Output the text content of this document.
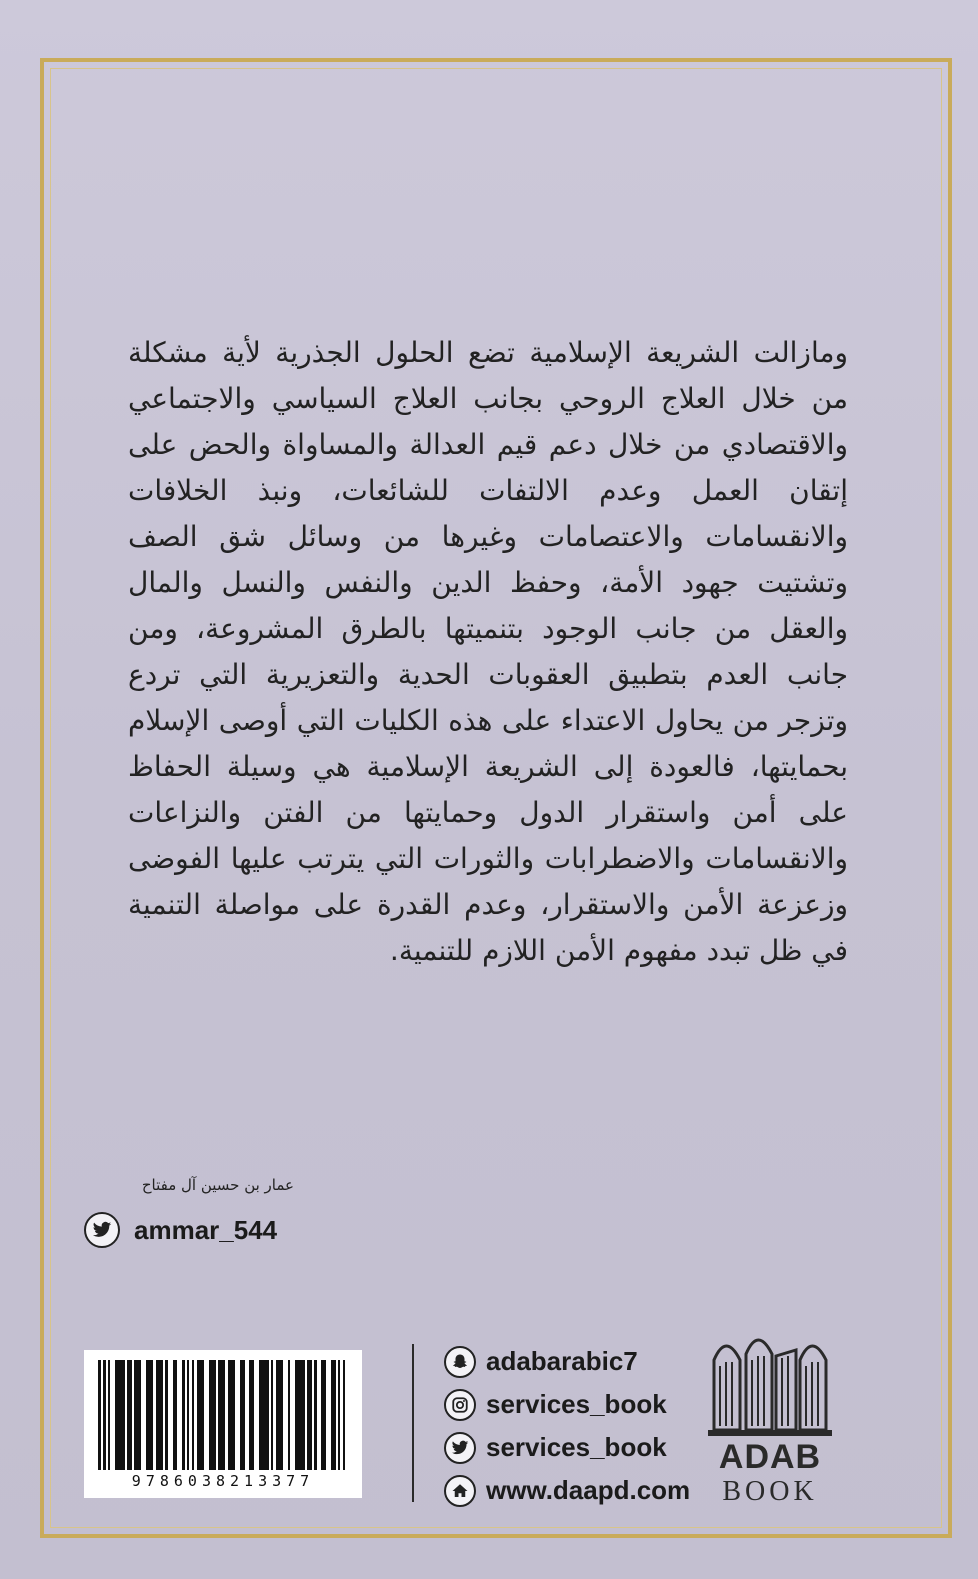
ومازالت الشريعة الإسلامية تضع الحلول الجذرية لأية مشكلة من خلال العلاج الروحي بجانب العلاج السياسي والاجتماعي والاقتصادي من خلال دعم قيم العدالة والمساواة والحض على إتقان العمل وعدم الالتفات للشائعات، ونبذ الخلافات والانقسامات والاعتصامات وغيرها من وسائل شق الصف وتشتيت جهود الأمة، وحفظ الدين والنفس والنسل والمال والعقل من جانب الوجود بتنميتها بالطرق المشروعة، ومن جانب العدم بتطبيق العقوبات الحدية والتعزيرية التي تردع وتزجر من يحاول الاعتداء على هذه الكليات التي أوصى الإسلام بحمايتها، فالعودة إلى الشريعة الإسلامية هي وسيلة الحفاظ على أمن واستقرار الدول وحمايتها من الفتن والنزاعات والانقسامات والاضطرابات والثورات التي يترتب عليها الفوضى وزعزعة الأمن والاستقرار، وعدم القدرة على مواصلة التنمية في ظل تبدد مفهوم الأمن اللازم للتنمية.
عمار بن حسين آل مفتاح
ammar_544
9786038213377
adabarabic7
services_book
services_book
www.daapd.com
ADAB
BOOK
